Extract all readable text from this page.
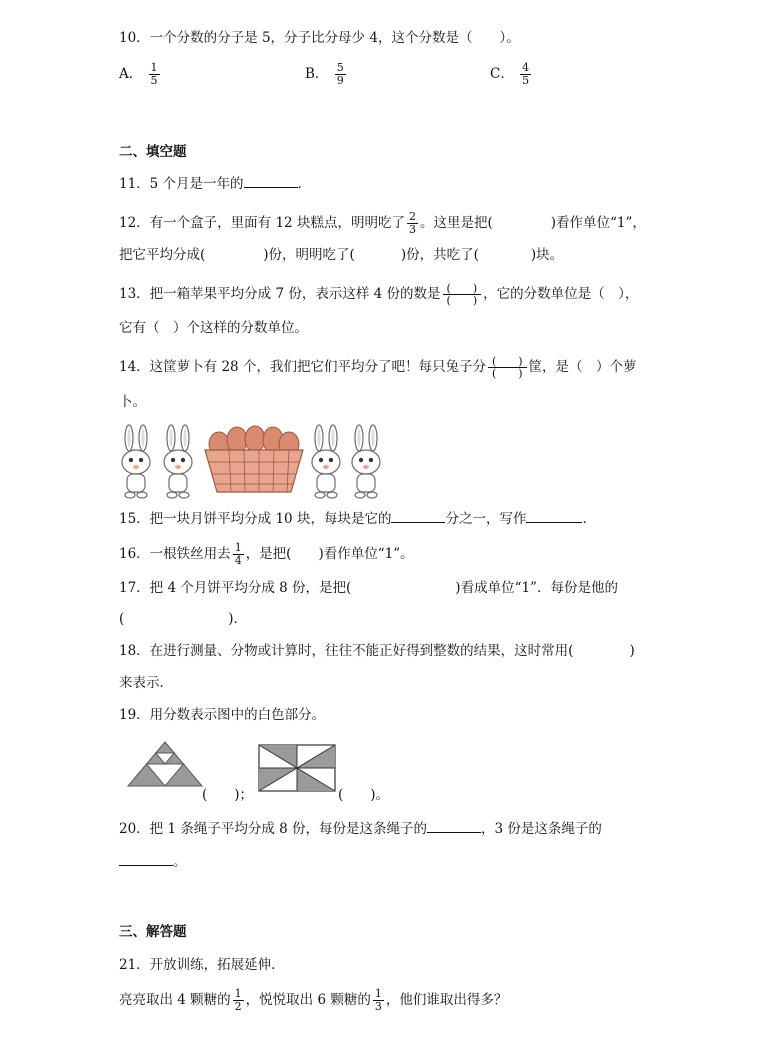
10．一个分数的分子是 5，分子比分母少 4，这个分数是（　　）。
A． $\frac{1}{5}$	B． $\frac{5}{9}$	C． $\frac{4}{5}$
二、填空题
11．5 个月是一年的	．
12．有一个盒子，里面有 12 块糕点，明明吃了 $\frac{2}{3}$ 。这里是把(	)看作单位“1”，
把它平均分成(	)份，明明吃了(	)份，共吃了(	)块。
13．把一箱苹果平均分成 7 份，表示这样 4 份的数是 $\frac{( )}{( )}$ ，它的分数单位是（　），
它有（　）个这样的分数单位。
14．这筐萝卜有 28 个，我们把它们平均分了吧！每只兔子分 $\frac{( )}{( )}$ 筐，是（　）个萝
卜。
15．把一块月饼平均分成 10 块，每块是它的	分之一，写作	．
16．一根铁丝用去 $\frac{1}{4}$ ，是把(　　)看作单位“1”。
17．把 4 个月饼平均分成 8 份，是把(	)看成单位“1”．每份是他的
(	)．
18．在进行测量、分物或计算时，往往不能正好得到整数的结果，这时常用(	)
来表示．
19．用分数表示图中的白色部分。
(　　)；	(　　)。
20．把 1 条绳子平均分成 8 份，每份是这条绳子的	，3 份是这条绳子的
。
三、解答题
21．开放训练，拓展延伸．
亮亮取出 4 颗糖的 $\frac{1}{2}$ ，悦悦取出 6 颗糖的 $\frac{1}{3}$ ，他们谁取出得多？
